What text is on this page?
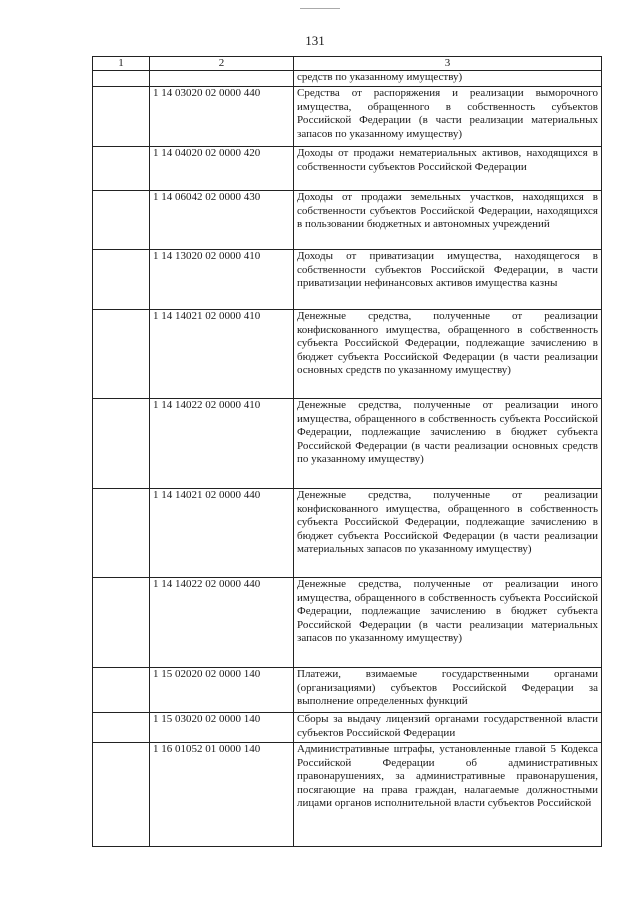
131
1	2	3
		средств по указанному имуществу)
	1 14 03020 02 0000 440	Средства от распоряжения и реализации выморочного имущества, обращенного в собственность субъектов Российской Федерации (в части реализации материальных запасов по указанному имуществу)
	1 14 04020 02 0000 420	Доходы от продажи нематериальных активов, находящихся в собственности субъектов Российской Федерации
	1 14 06042 02 0000 430	Доходы от продажи земельных участков, находящихся в собственности субъектов Российской Федерации, находящихся в пользовании бюджетных и автономных учреждений
	1 14 13020 02 0000 410	Доходы от приватизации имущества, находящегося в собственности субъектов Российской Федерации, в части приватизации нефинансовых активов имущества казны
	1 14 14021 02 0000 410	Денежные средства, полученные от реализации конфискованного имущества, обращенного в собственность субъекта Российской Федерации, подлежащие зачислению в бюджет субъекта Российской Федерации (в части реализации основных средств по указанному имуществу)
	1 14 14022 02 0000 410	Денежные средства, полученные от реализации иного имущества, обращенного в собственность субъекта Российской Федерации, подлежащие зачислению в бюджет субъекта Российской Федерации (в части реализации основных средств по указанному имуществу)
	1 14 14021 02 0000 440	Денежные средства, полученные от реализации конфискованного имущества, обращенного в собственность субъекта Российской Федерации, подлежащие зачислению в бюджет субъекта Российской Федерации (в части реализации материальных запасов по указанному имуществу)
	1 14 14022 02 0000 440	Денежные средства, полученные от реализации иного имущества, обращенного в собственность субъекта Российской Федерации, подлежащие зачислению в бюджет субъекта Российской Федерации (в части реализации материальных запасов по указанному имуществу)
	1 15 02020 02 0000 140	Платежи, взимаемые государственными органами (организациями) субъектов Российской Федерации за выполнение определенных функций
	1 15 03020 02 0000 140	Сборы за выдачу лицензий органами государственной власти субъектов Российской Федерации
	1 16 01052 01 0000 140	Административные штрафы, установленные главой 5 Кодекса Российской Федерации об административных правонарушениях, за административные правонарушения, посягающие на права граждан, налагаемые должностными лицами органов исполнительной власти субъектов Российской
